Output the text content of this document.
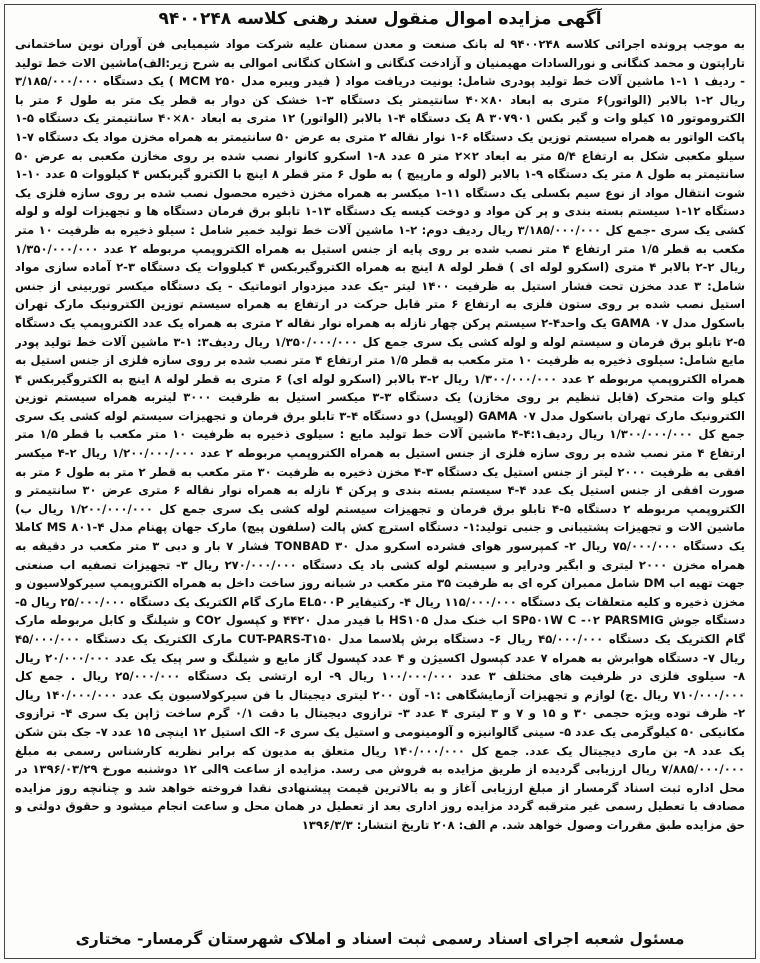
آگهی مزایده اموال منقول سند رهنی کلاسه ۹۴۰۰۲۴۸

به موجب پرونده اجرائی کلاسه ۹۴۰۰۲۴۸ له بانک صنعت و معدن سمنان علیه شرکت مواد شیمیایی فن آوران نوین ساختمانی تاراپتون و محمد کنگانی و نورالسادات مهیمنیان و آزادخت کنگانی و اشکان کنگانی اموالی به شرح زیر:الف)ماشین الات خط تولید - ردیف ۱ ۱-۱ ماشین آلات خط تولید پودری شامل: یونیت دریافت مواد ( فیدر ویبره مدل MCM ۲۵۰ ) یک دستگاه ۳/۱۸۵/۰۰۰/۰۰۰ ریال ۲-۱ بالابر (الواتور)۶ متری به ابعاد ۸۰×۴۰ سانتیمتر یک دستگاه ۳-۱ خشک کن دوار به قطر یک متر به طول ۶ متر با الکتروموتور ۱۵ کیلو وات و گیر بکس A ۳۰۷۹۰۱ یک دستگاه ۴-۱ بالابر (الواتور) ۱۲ متری به ابعاد ۸۰×۴۰ سانتیمتر یک دستگاه ۵-۱ پاکت الواتور به همراه سیستم توزین یک دستگاه ۶-۱ نوار نقاله ۲ متری به عرض ۵۰ سانتیمتر به همراه مخزن مواد یک دستگاه ۷-۱ سیلو مکعبی شکل به ارتفاع ۵/۴ متر به ابعاد ۲×۲ متر ۵ عدد ۸-۱ اسکرو کانوار نصب شده بر روی مخازن مکعبی به عرض ۵۰ سانتیمتر به طول ۸ متر یک دستگاه ۹-۱ بالابر (لوله و مارپیچ ) به طول ۶ متر قطر ۸ اینچ با الکترو گیربکس ۴ کیلووات ۵ عدد ۱۰-۱ شوت انتقال مواد از نوع سیم بکسلی یک دستگاه ۱۱-۱ میکسر به همراه مخزن ذخیره محصول نصب شده بر روی سازه فلزی یک دستگاه ۱۲-۱ سیستم بسته بندی و پر کن مواد و دوخت کیسه یک دستگاه ۱۳-۱ تابلو برق فرمان دستگاه ها و تجهیزات لوله و لوله کشی یک سری -جمع کل ۳/۱۸۵/۰۰۰/۰۰۰ ریال ردیف دوم: ۲-۱ ماشین آلات خط تولید خمیر شامل : سیلو ذخیره به ظرفیت ۱۰ متر مکعب به قطر ۱/۵ متر ارتفاع ۴ متر نصب شده بر روی پایه از جنس استیل به همراه الکتروپمپ مربوطه ۲ عدد ۱/۳۵۰/۰۰۰/۰۰۰ ریال ۲-۲ بالابر ۴ متری (اسکرو لوله ای ) قطر لوله ۸ اینچ به همراه الکتروگیربکس ۴ کیلووات یک دستگاه ۳-۲ آماده سازی مواد شامل: ۳ عدد مخزن تحت فشار استیل به ظرفیت ۱۴۰۰ لیتر -یک عدد میزدوار اتوماتیک - یک دستگاه میکسر توربینی از جنس استیل نصب شده بر روی ستون فلزی به ارتفاع ۶ متر قابل حرکت در ارتفاع به همراه سیستم توزین الکترونیک مارک تهران باسکول مدل GAMA ۰۷ یک واحد۴-۲ سیستم پرکن چهار نازله به همراه نوار نقاله ۲ متری به همراه یک عدد الکتروپمپ یک دستگاه ۵-۲ تابلو برق فرمان و سیستم لوله و لوله کشی یک سری جمع کل ۱/۳۵۰/۰۰۰/۰۰۰ ریال ردیف۳: ۱-۳ ماشین آلات خط تولید پودر مایع شامل: سیلوی ذخیره به ظرفیت ۱۰ متر مکعب به قطر ۱/۵ متر ارتفاع ۴ متر نصب شده بر روی سازه فلزی از جنس استیل به همراه الکتروپمپ مربوطه ۲ عدد ۱/۳۰۰/۰۰۰/۰۰۰ ریال ۲-۳ بالابر (اسکرو لوله ای) ۶ متری به قطر لوله ۸ اینچ به الکتروگیربکس ۴ کیلو وات متحرک (قابل تنظیم بر روی مخازن) یک دستگاه ۳-۳ میکسر استیل به ظرفیت ۳۰۰۰ لیتربه همراه سیستم توزین الکترونیک مارک تهران باسکول مدل GAMA ۰۷ (لوپسل) دو دستگاه ۴-۳ تابلو برق فرمان و تجهیزات سیستم لوله کشی یک سری جمع کل ۱/۳۰۰/۰۰۰/۰۰۰ ریال ردیف۴:۱-۴ ماشین آلات خط تولید مایع : سیلوی ذخیره به ظرفیت ۱۰ متر مکعب با قطر ۱/۵ متر ارتفاع ۴ متر نصب شده بر روی سازه فلزی از جنس استیل به همراه الکتروپمپ مربوطه ۲ عدد ۱/۲۰۰/۰۰۰/۰۰۰ ریال ۲-۴ میکسر افقی به ظرفیت ۲۰۰۰ لیتر از جنس استیل یک دستگاه ۳-۴ مخزن ذخیره به ظرفیت ۳۰ متر مکعب به قطر ۲ متر به طول ۶ متر به صورت افقی از جنس استیل یک عدد ۴-۴ سیستم بسته بندی و پرکن ۴ نازله به همراه نوار نقاله ۶ متری عرض ۳۰ سانتیمتر و الکتروپمپ مربوطه ۲ دستگاه ۵-۴ تابلو برق فرمان و تجهیزات سیستم لوله کشی یک سری جمع کل ۱/۲۰۰/۰۰۰/۰۰۰ ریال ب) ماشین الات و تجهیزات پشتیبانی و جنبی تولید:۱- دستگاه استرچ کش پالت (سلفون پیچ) مارک جهان پهنام مدل MS ۸۰۱-۴ کاملا یک دستگاه ۷۵/۰۰۰/۰۰۰ ریال ۲- کمپرسور هوای فشرده اسکرو مدل TONBAD ۳۰ فشار ۷ بار و دبی ۳ متر مکعب در دقیقه به همراه مخزن ۲۰۰۰ لیتری و ابگیر ودرایر و سیستم لوله کشی باد یک دستگاه ۲۷۰/۰۰۰/۰۰۰ ریال ۳- تجهیزات تصفیه اب صنعتی جهت تهیه اب DM شامل ممبران کره ای به ظرفیت ۳۵ متر مکعب در شبانه روز ساخت داخل به همراه الکتروپمپ سیرکولاسیون و مخزن ذخیره و کلیه متعلقات یک دستگاه ۱۱۵/۰۰۰/۰۰۰ ریال ۴- رکتیفایر EL۵۰۰P مارک گام الکتریک یک دستگاه ۲۵/۰۰۰/۰۰۰ ریال ۵- دستگاه جوش SP۵۰۱W C -۰۲ PARSMIG اب خنک مدل HS۱۰۵ با فیدر مدل ۴۴۲۰ و کپسول CO۲ و شیلنگ و کابل مربوطه مارک گام الکتریک یک دستگاه ۴۵/۰۰۰/۰۰۰ ریال ۶- دستگاه برش پلاسما مدل CUT-PARS-T۱۵۰ مارک الکتریک یک دستگاه ۴۵/۰۰۰/۰۰۰ ریال ۷- دستگاه هوابرش به همراه ۷ عدد کپسول اکسیژن و ۴ عدد کپسول گاز مایع و شیلنگ و سر پیک یک عدد ۲۰/۰۰۰/۰۰۰ ریال ۸- سیلوی فلزی در ظرفیت های مختلف ۳ عدد ۱۰۰/۰۰۰/۰۰۰ ریال ۹- اره ارتشی یک دستگاه ۲۵/۰۰۰/۰۰۰ ریال . جمع کل ۷۱۰/۰۰۰/۰۰۰ ریال .ج) لوازم و تجهیزات آزمایشگاهی :۱- آون ۲۰۰ لیتری دیجیتال با فن سیرکولاسیون یک عدد ۱۴۰/۰۰۰/۰۰۰ ریال ۲- ظرف توده ویژه حجمی ۳۰ و ۱۵ و ۷ و ۳ لیتری ۴ عدد ۳- ترازوی دیجیتال با دقت ۰/۱ گرم ساخت ژاپن یک سری ۴- ترازوی مکانیکی ۵۰ کیلوگرمی یک عدد ۵- سینی گالوانیزه و آلومینومی و استیل یک سری ۶- الک استیل ۱۲ اینچی ۱۵ عدد ۷- جک بتن شکن یک عدد ۸- بن ماری دیجیتال یک عدد. جمع کل ۱۴۰/۰۰۰/۰۰۰ ریال متعلق به مدیون که برابر نظریه کارشناس رسمی به مبلغ ۷/۸۸۵/۰۰۰/۰۰۰ ریال ارزیابی گردیده از طریق مزایده به فروش می رسد. مزایده از ساعت ۹الی ۱۲ دوشنبه مورخ ۱۳۹۶/۰۳/۲۹ در محل اداره ثبت اسناد گرمسار از مبلغ ارزیابی آغاز و به بالاترین قیمت پیشنهادی نقدا فروخته خواهد شد و چنانچه روز مزایده مصادف با تعطیل رسمی غیر مترقبه گردد مزایده روز اداری بعد از تعطیل در همان محل و ساعت انجام میشود و حقوق دولتی و حق مزایده طبق مقررات وصول خواهد شد. م الف: ۲۰۸ تاریخ انتشار: ۱۳۹۶/۳/۳

مسئول شعبه اجرای اسناد رسمی ثبت اسناد و املاک شهرستان گرمسار- مختاری
